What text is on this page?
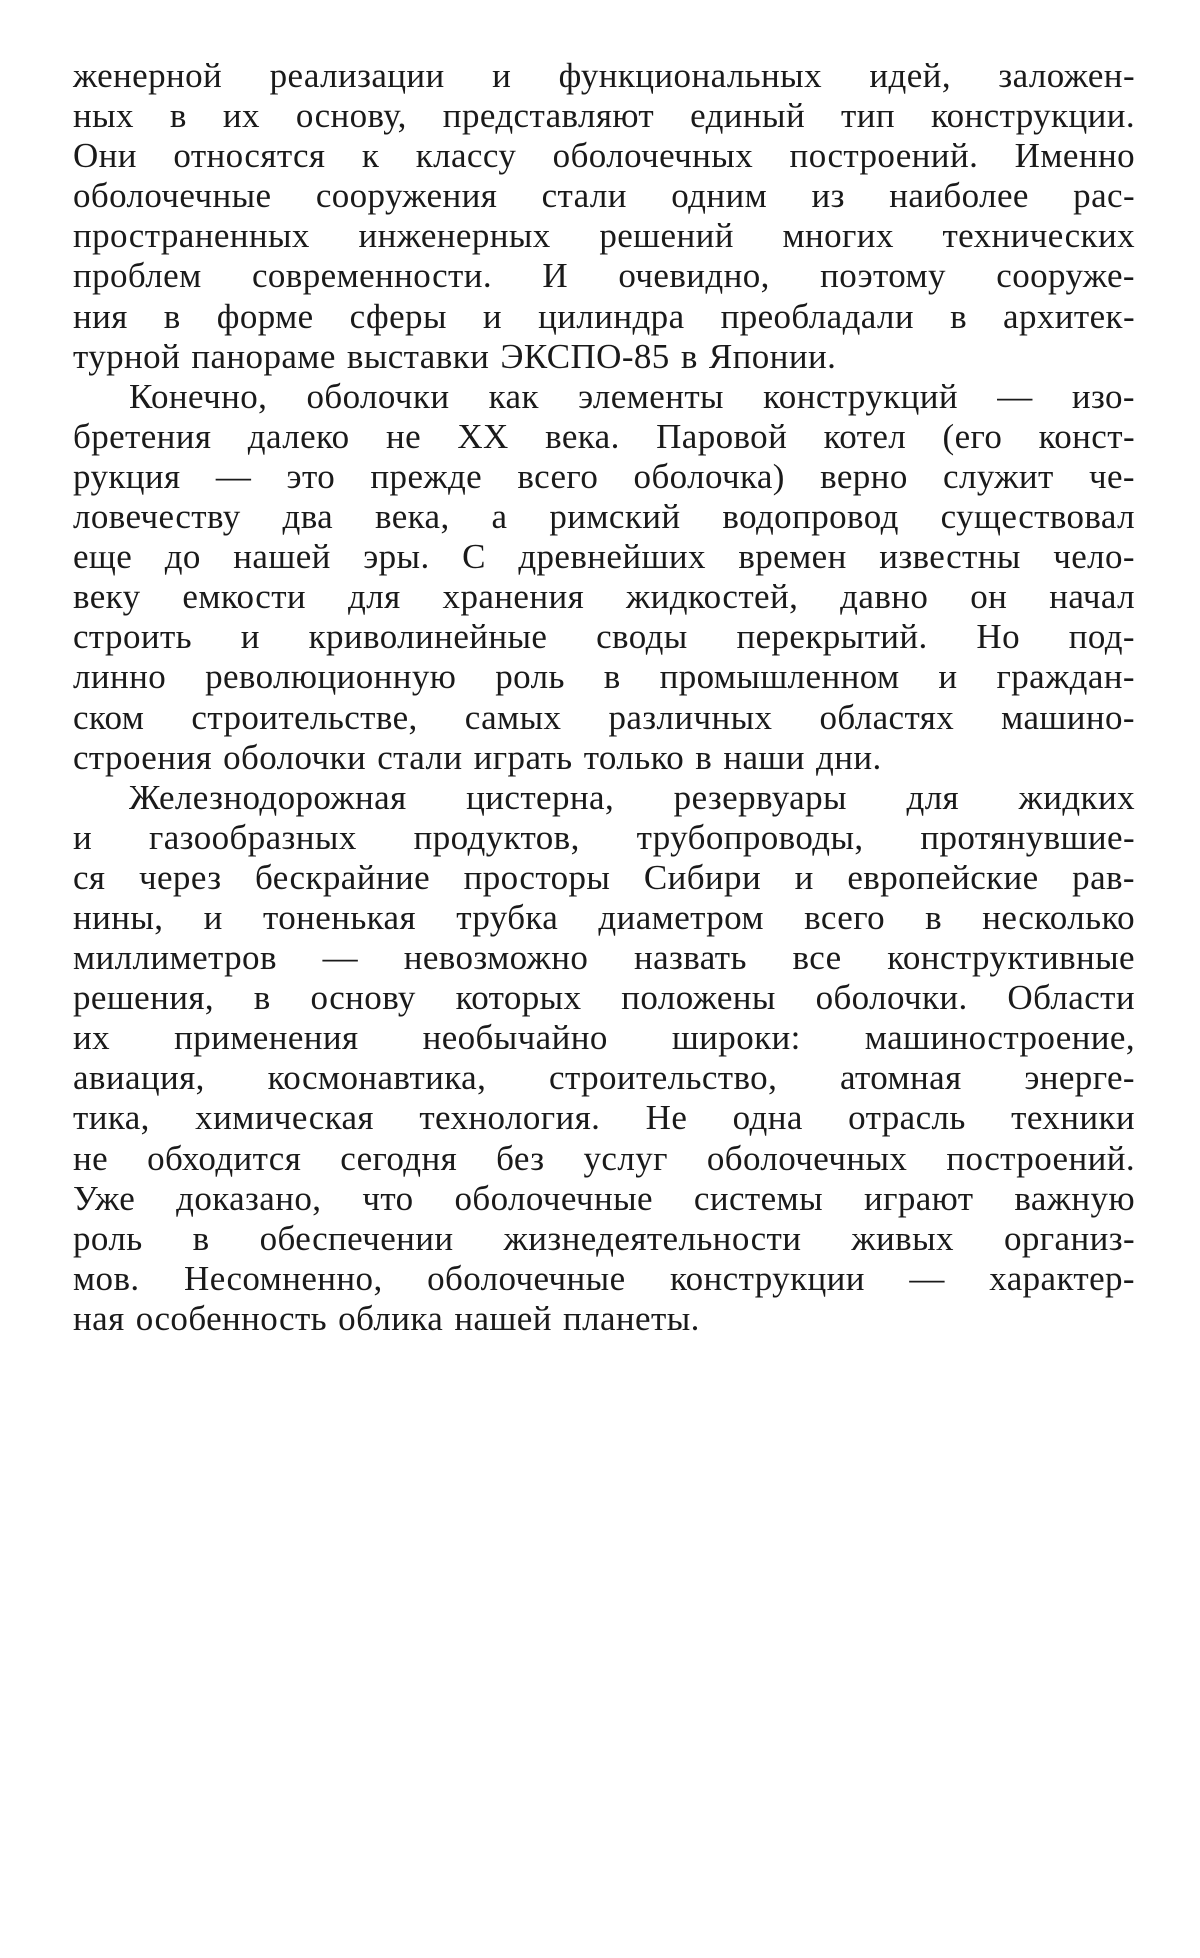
женерной реализации и функциональных идей, заложен-
ных в их основу, представляют единый тип конструкции.
Они относятся к классу оболочечных построений. Именно
оболочечные сооружения стали одним из наиболее рас-
пространенных инженерных решений многих технических
проблем современности. И очевидно, поэтому сооруже-
ния в форме сферы и цилиндра преобладали в архитек-
турной панораме выставки ЭКСПО-85 в Японии.
Конечно, оболочки как элементы конструкций — изо-
бретения далеко не XX века. Паровой котел (его конст-
рукция — это прежде всего оболочка) верно служит че-
ловечеству два века, а римский водопровод существовал
еще до нашей эры. С древнейших времен известны чело-
веку емкости для хранения жидкостей, давно он начал
строить и криволинейные своды перекрытий. Но под-
линно революционную роль в промышленном и граждан-
ском строительстве, самых различных областях машино-
строения оболочки стали играть только в наши дни.
Железнодорожная цистерна, резервуары для жидких
и газообразных продуктов, трубопроводы, протянувшие-
ся через бескрайние просторы Сибири и европейские рав-
нины, и тоненькая трубка диаметром всего в несколько
миллиметров — невозможно назвать все конструктивные
решения, в основу которых положены оболочки. Области
их применения необычайно широки: машиностроение,
авиация, космонавтика, строительство, атомная энерге-
тика, химическая технология. Не одна отрасль техники
не обходится сегодня без услуг оболочечных построений.
Уже доказано, что оболочечные системы играют важную
роль в обеспечении жизнедеятельности живых организ-
мов. Несомненно, оболочечные конструкции — характер-
ная особенность облика нашей планеты.
